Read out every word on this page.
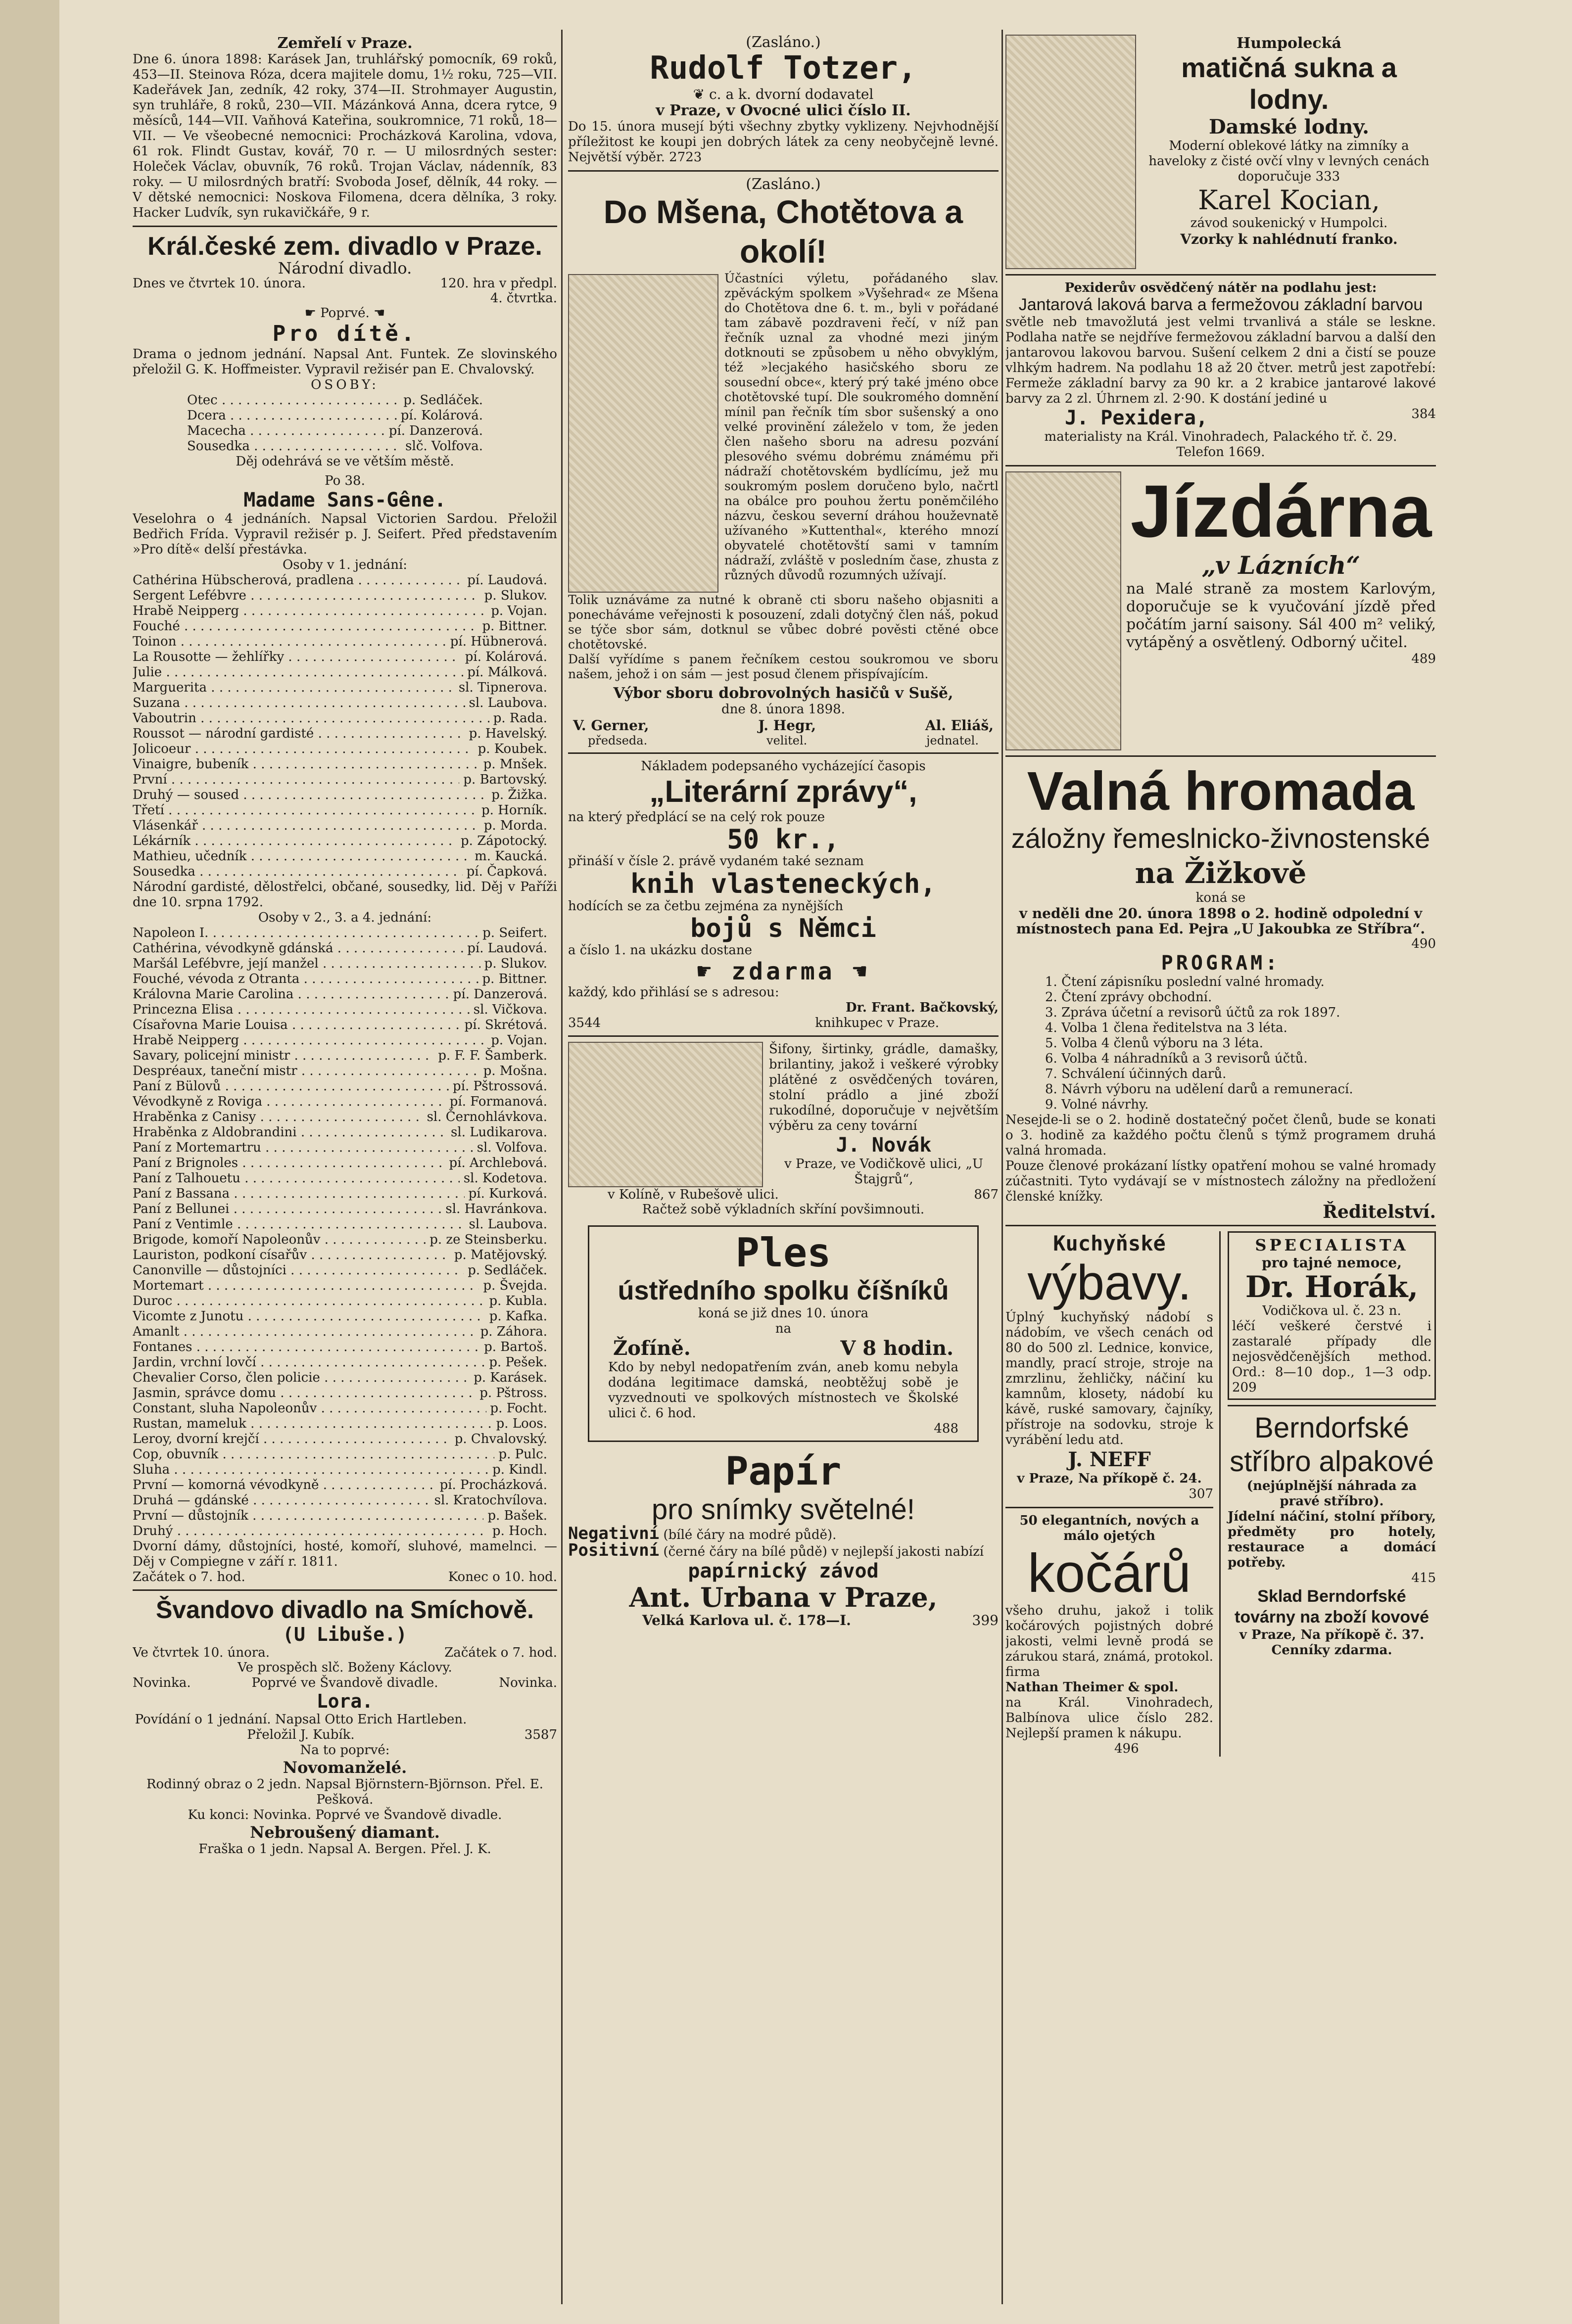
Zemřelí v Praze.

Dne 6. února 1898: Karásek Jan, truhlářský pomocník, 69 roků, 453—II. Steinova Róza, dcera majitele domu, 1½ roku, 725—VII. Kadeřávek Jan, zedník, 42 roky, 374—II. Strohmayer Augustin, syn truhláře, 8 roků, 230—VII. Mázánková Anna, dcera rytce, 9 měsíců, 144—VII. Vaňhová Kateřina, soukromnice, 71 roků, 18—VII. — Ve všeobecné nemocnici: Procházková Karolina, vdova, 61 rok. Flindt Gustav, kovář, 70 r. — U milosrdných sester: Holeček Václav, obuvník, 76 roků. Trojan Václav, nádenník, 83 roky. — U milosrdných bratří: Svoboda Josef, dělník, 44 roky. — V dětské nemocnici: Noskova Filomena, dcera dělníka, 3 roky. Hacker Ludvík, syn rukavičkáře, 9 r.

Král.české zem. divadlo v Praze.

Národní divadlo.

Dnes ve čtvrtek 10. února.	120. hra v předpl. 4. čtvrtka.

☛ Poprvé. ☚

Pro dítě.

Drama o jednom jednání. Napsal Ant. Funtek. Ze slovinského přeložil G. K. Hoffmeister. Vypravil režisér pan E. Chvalovský.

OSOBY:

Otec . . .	p. Sedláček.
Dcera . . .	pí. Kolárová.
Macecha . . .	pí. Danzerová.
Sousedka . . .	slč. Volfova.

Děj odehrává se ve větším městě.

Po 38.

Madame Sans-Gêne.

Veselohra o 4 jednáních. Napsal Victorien Sardou. Přeložil Bedřich Frída. Vypravil režisér p. J. Seifert. Před představením »Pro dítě« delší přestávka.

Osoby v 1. jednání:

Cathérina Hübscherová, pradlena . . .	pí. Laudová.
Sergent Lefébvre . . .	p. Slukov.
Hrabě Neipperg . . .	p. Vojan.
Fouché . . .	p. Bittner.
Toinon . . .	pí. Hübnerová.
La Rousotte — žehlířky . . .	pí. Kolárová.
Julie . . .	pí. Málková.
Marguerita . . .	sl. Tipnerova.
Suzana . . .	sl. Laubova.
Vaboutrin . . .	p. Rada.
Roussot — národní gardisté . . .	p. Havelský.
Jolicoeur . . .	p. Koubek.
Vinaigre, bubeník . . .	p. Mnšek.
První . . .	p. Bartovský.
Druhý — soused . . .	p. Žižka.
Třetí . . .	p. Horník.
Vlásenkář . . .	p. Morda.
Lékárník . . .	p. Zápotocký.
Mathieu, učedník . . .	m. Kaucká.
Sousedka . . .	pí. Čapková.

Národní gardisté, dělostřelci, občané, sousedky, lid. Děj v Paříži dne 10. srpna 1792.

Osoby v 2., 3. a 4. jednání:

Napoleon I. . . .	p. Seifert.
Cathérina, vévodkyně gdánská . . .	pí. Laudová.
Maršál Lefébvre, její manžel . . .	p. Slukov.
Fouché, vévoda z Otranta . . .	p. Bittner.
Královna Marie Carolina . . .	pí. Danzerová.
Princezna Elisa . . .	sl. Vičkova.
Císařovna Marie Louisa . . .	pí. Skrétová.
Hrabě Neipperg . . .	p. Vojan.
Savary, policejní ministr . . .	p. F. F. Šamberk.
Despréaux, taneční mistr . . .	p. Mošna.
Paní z Bülovů . . .	pí. Pštrossová.
Vévodkyně z Roviga . . .	pí. Formanová.
Hraběnka z Canisy . . .	sl. Černohlávkova.
Hraběnka z Aldobrandini . . .	sl. Ludikarova.
Paní z Mortemartru . . .	sl. Volfova.
Paní z Brignoles . . .	pí. Archlebová.
Paní z Talhouetu . . .	sl. Kodetova.
Paní z Bassana . . .	pí. Kurková.
Paní z Bellunei . . .	sl. Havránkova.
Paní z Ventimle . . .	sl. Laubova.
Brigode, komoří Napoleonův . . .	p. ze Steinsberku.
Lauriston, podkoní císařův . . .	p. Matějovský.
Canonville — důstojníci . . .	p. Sedláček.
Mortemart . . .	p. Švejda.
Duroc . . .	p. Kubla.
Vicomte z Junotu . . .	p. Kafka.
Amanlt . . .	p. Záhora.
Fontanes . . .	p. Bartoš.
Jardin, vrchní lovčí . . .	p. Pešek.
Chevalier Corso, člen policie . . .	p. Karásek.
Jasmin, správce domu . . .	p. Pštross.
Constant, sluha Napoleonův . . .	p. Focht.
Rustan, mameluk . . .	p. Loos.
Leroy, dvorní krejčí . . .	p. Chvalovský.
Cop, obuvník . . .	p. Pulc.
Sluha . . .	p. Kindl.
První — komorná vévodkyně . . .	pí. Procházková.
Druhá — gdánské . . .	sl. Kratochvílova.
První — důstojník . . .	p. Bašek.
Druhý . . .	p. Hoch.

Dvorní dámy, důstojníci, hosté, komoří, sluhové, mamelnci. — Děj v Compiegne v září r. 1811.

Začátek o 7. hod.	Konec o 10. hod.

Švandovo divadlo na Smíchově.

(U Libuše.)

Ve čtvrtek 10. února.	Začátek o 7. hod.

Ve prospěch slč. Boženy Káclovy.

Novinka.	Poprvé ve Švandově divadle.	Novinka.

Lora.

Povídání o 1 jednání. Napsal Otto Erich Hartleben. Přeložil J. Kubík.	3587

Na to poprvé:

Novomanželé.

Rodinný obraz o 2 jedn. Napsal Björnstern-Björnson. Přel. E. Pešková.

Ku konci: Novinka. Poprvé ve Švandově divadle.

Nebroušený diamant.

Fraška o 1 jedn. Napsal A. Bergen. Přel. J. K.

(Zasláno.)

Rudolf Totzer,

❦ c. a k. dvorní dodavatel

v Praze, v Ovocné ulici číslo II.

Do 15. února musejí býti všechny zbytky vyklizeny. Nejvhodnější příležitost ke koupi jen dobrých látek za ceny neobyčejně levné. Největší výběr. 2723

(Zasláno.)

Do Mšena, Chotětova a okolí!

Účastníci výletu, pořádaného slav. zpěváckým spolkem »Vyšehrad« ze Mšena do Chotětova dne 6. t. m., byli v pořádané tam zábavě pozdraveni řečí, v níž pan řečník uznal za vhodné mezi jiným dotknouti se způsobem u něho obvyklým, též »lecjakého hasičského sboru ze sousední obce«, který prý také jméno obce chotětovské tupí. Dle soukromého domnění mínil pan řečník tím sbor sušenský a ono velké provinění záleželo v tom, že jeden člen našeho sboru na adresu pozvání plesového svému dobrému známému při nádraží chotětovském bydlícímu, jež mu soukromým poslem doručeno bylo, načrtl na obálce pro pouhou žertu poněmčilého názvu, českou severní dráhou houževnatě užívaného »Kuttenthal«, kterého mnozí obyvatelé chotětovští sami v tamním nádraží, zvláště v posledním čase, zhusta z různých důvodů rozumných užívají.

Tolik uznáváme za nutné k obraně cti sboru našeho objasniti a ponecháváme veřejnosti k posouzení, zdali dotyčný člen náš, pokud se týče sbor sám, dotknul se vůbec dobré pověsti ctěné obce chotětovské.

Další vyřídíme s panem řečníkem cestou soukromou ve sboru našem, jehož i on sám — jest posud členem přispívajícím.

Výbor sboru dobrovolných hasičů v Sušě,

dne 8. února 1898.

V. Gerner,	J. Hegr,	Al. Eliáš,
předseda.	velitel.	jednatel.

Nákladem podepsaného vycházející časopis

„Literární zprávy“,

na který předplácí se na celý rok pouze

50 kr.,

přináší v čísle 2. právě vydaném také seznam

knih vlasteneckých,

hodících se za četbu zejména za nynějších

bojů s Němci

a číslo 1. na ukázku dostane

☛ zdarma ☚

každý, kdo přihlásí se s adresou:

Dr. Frant. Bačkovský,

3544	knihkupec v Praze.

Šifony, širtinky, grádle, damašky, brilantiny, jakož i veškeré výrobky plátěné z osvědčených továren, stolní prádlo a jiné zboží rukodílné, doporučuje v největším výběru za ceny tovární

J. Novák

v Praze, ve Vodičkově ulici, „U Štajgrů“,

v Kolíně, v Rubešově ulici.	867

Račtež sobě výkladních skříní povšimnouti.

Ples

ústředního spolku číšníků

koná se již dnes 10. února

na

Žofíně.	V 8 hodin.

Kdo by nebyl nedopatřením zván, aneb komu nebyla dodána legitimace damská, neobtěžuj sobě je vyzvednouti ve spolkových místnostech ve Školské ulici č. 6 hod.

488

Papír

pro snímky světelné!

Negativní (bílé čáry na modré půdě).

Positivní (černé čáry na bílé půdě) v nejlepší jakosti nabízí

papírnický závod

Ant. Urbana v Praze,

Velká Karlova ul. č. 178—I.	399

Humpolecká

matičná sukna a lodny.

Damské lodny.

Moderní oblekové látky na zimníky a haveloky z čisté ovčí vlny v levných cenách doporučuje 333

Karel Kocian,

závod soukenický v Humpolci.

Vzorky k nahlédnutí franko.

Pexiderův osvědčený nátěr na podlahu jest:

Jantarová laková barva a fermežovou základní barvou

světle neb tmavožlutá jest velmi trvanlivá a stále se leskne. Podlaha natře se nejdříve fermežovou základní barvou a další den jantarovou lakovou barvou. Sušení celkem 2 dni a čistí se pouze vlhkým hadrem. Na podlahu 18 až 20 čtver. metrů jest zapotřebí: Fermeže základní barvy za 90 kr. a 2 krabice jantarové lakové barvy za 2 zl. Úhrnem zl. 2·90. K dostání jediné u

J. Pexidera,	384

materialisty na Král. Vinohradech, Palackého tř. č. 29.

Telefon 1669.

Jízdárna

„v Lázních“

na Malé straně za mostem Karlovým, doporučuje se k vyučování jízdě před počátím jarní saisony. Sál 400 m² veliký, vytápěný a osvětlený. Odborný učitel.

489

Valná hromada

záložny řemeslnicko-živnostenské

na Žižkově

koná se

v neděli dne 20. února 1898 o 2. hodině odpolední v místnostech pana Ed. Pejra „U Jakoubka ze Stříbra“.

490

PROGRAM:

1. Čtení zápisníku poslední valné hromady.

2. Čtení zprávy obchodní.

3. Zpráva účetní a revisorů účtů za rok 1897.

4. Volba 1 člena ředitelstva na 3 léta.

5. Volba 4 členů výboru na 3 léta.

6. Volba 4 náhradníků a 3 revisorů účtů.

7. Schválení účinných darů.

8. Návrh výboru na udělení darů a remunerací.

9. Volné návrhy.

Nesejde-li se o 2. hodině dostatečný počet členů, bude se konati o 3. hodině za každého počtu členů s týmž programem druhá valná hromada.

Pouze členové prokázaní lístky opatření mohou se valné hromady zúčastniti. Tyto vydávají se v místnostech záložny na předložení členské knížky.

Ředitelství.

Kuchyňské

výbavy.

Úplný kuchyňský nádobí s nádobím, ve všech cenách od 80 do 500 zl. Lednice, konvice, mandly, prací stroje, stroje na zmrzlinu, žehličky, náčiní ku kamnům, klosety, nádobí ku kávě, ruské samovary, čajníky, přístroje na sodovku, stroje k vyrábění ledu atd.

J. NEFF

v Praze, Na příkopě č. 24.

307

50 elegantních, nových a málo ojetých

kočárů

všeho druhu, jakož i tolik kočárových pojistných dobré jakosti, velmi levně prodá se zárukou stará, známá, protokol. firma

Nathan Theimer & spol.

na Král. Vinohradech, Balbínova ulice číslo 282. Nejlepší pramen k nákupu.

496

SPECIALISTA

pro tajné nemoce,

Dr. Horák,

Vodičkova ul. č. 23 n.

léčí veškeré čerstvé i zastaralé případy dle nejosvědčenějších method. Ord.: 8—10 dop., 1—3 odp. 209

Berndorfské

stříbro alpakové

(nejúplnější náhrada za pravé stříbro).

Jídelní náčiní, stolní příbory, předměty pro hotely, restaurace a domácí potřeby.

415

Sklad Berndorfské továrny na zboží kovové

v Praze, Na příkopě č. 37.

Cenníky zdarma.
